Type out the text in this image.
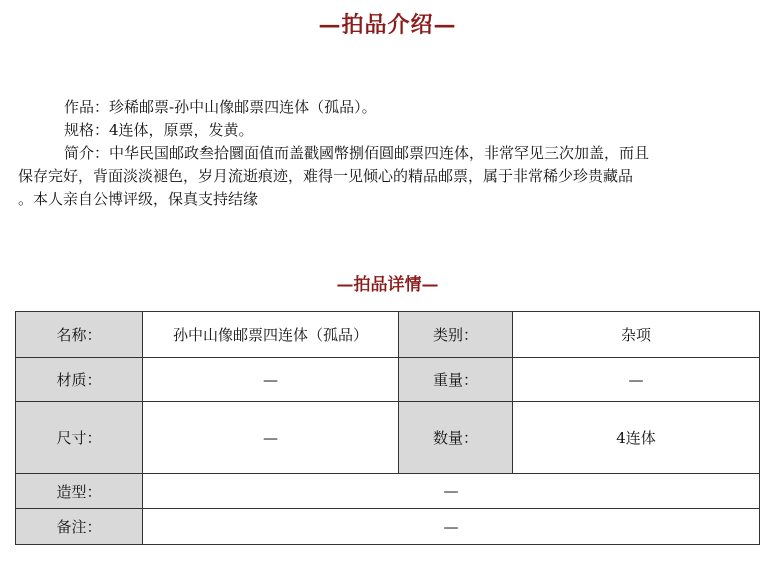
—拍品介绍—
作品：珍稀邮票-孙中山像邮票四连体（孤品）。
规格：4连体，原票，发黄。
简介：中华民国邮政叁拾圜面值而盖戳國幣捌佰圓邮票四连体，非常罕见三次加盖，而且
保存完好，背面淡淡褪色，岁月流逝痕迹，难得一见倾心的精品邮票，属于非常稀少珍贵藏品
。本人亲自公博评级，保真支持结缘
—拍品详情—
名称：	孙中山像邮票四连体（孤品）	类别：	杂项
材质：	—	重量：	—
尺寸：	—	数量：	4连体
造型：	—		
备注：	—		
